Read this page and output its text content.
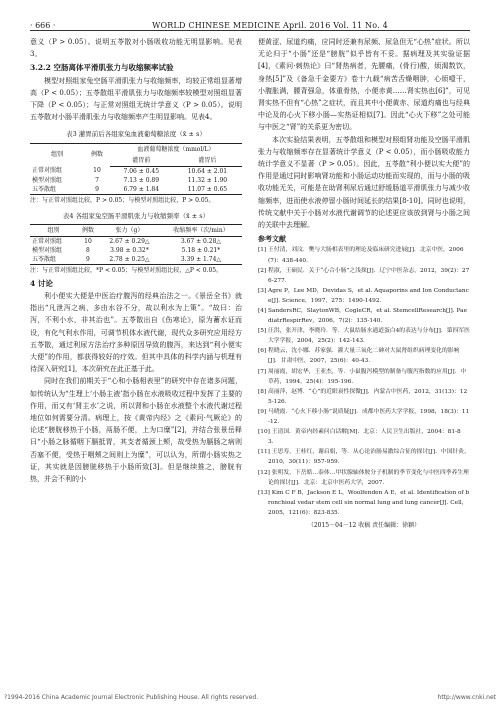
· 666 ·	WORLD CHINESE MEDICINE April. 2016 Vol. 11 No. 4

意义（P > 0.05）。说明五苓散对小肠吸收功能无明显影响。见表3。

3.2.2 空肠离体平滑肌张力与收缩频率试验

模型对照组家兔空肠平滑肌张力与收缩频率，均较正常组显著增高（P < 0.05）；五苓散组平滑肌张力与收缩频率较模型对照组显著下降（P < 0.05）；与正常对照组无统计学意义（P > 0.05）。说明五苓散对小肠平滑肌张力与收缩频率产生明显影响。见表4。

表3 灌胃前后各组家兔血液葡萄糖浓度（x̄ ± s）
组别	例数	血液葡萄糖浓度（mmol/L）	
		灌胃前	灌胃后
正常对照组	10	7.06 ± 0.45	10.64 ± 2.01
模型对照组	7	7.13 ± 0.89	11.32 ± 1.90
五苓散组	9	6.79 ± 1.84	11.07 ± 0.65
注：与正常对照组比较，P > 0.05；与模型对照组比较，P > 0.05。
表4 各组家兔空肠平滑肌张力与收缩频率（x̄ ± s）
组别	例数	张力（g）	收缩频率（次/min）
正常对照组	10	2.67 ± 0.29△	3.67 ± 0.28△
模型对照组	8	3.98 ± 0.32*	5.18 ± 0.21*
五苓散组	9	2.78 ± 0.25△	3.39 ± 1.74△
注：与正常对照组比较，*P < 0.05；与模型对照组比较，△P < 0.05。

4 讨论

利小便实大便是中医治疗腹泻的经典治法之一。《景岳全书》就指出“凡泄泻之病，多由水谷不分，故以利水为上策”。“故曰：治泻，不利小水，非其治也”。五苓散出自《伤寒论》，原为蓄水证而设，有化气利水作用，可调节机体水液代谢，现代众多研究应用经方五苓散，通过利尿方法治疗多种原因导致的腹泻，来达到“利小便实大便”的作用，都获得较好的疗效。但其中具体的科学内涵与机理有待深入研究[1]，本次研究在此正基于此。

同时在我们前期关于“心和小肠相表里”的研究中存在诸多问题，如传统认为“生理上‘小肠主液’指小肠在水液吸收过程中发挥了主要的作用，而又有‘肾主水’之说，所以肾和小肠在水液整个水液代谢过程地位如何需要分清。病理上，按《黄帝内经》之《素问·气厥论》的论述“膀胱移热于小肠，鬲肠不便，上为口糜”[2]，并结合张景岳释曰“小肠之脉循咽下膈抵胃，其支者循颈上颊，故受热为膈肠之病则否塞不便，受热于咽颊之间则上为糜”，可以认为，所谓小肠实热之证，其实就是因膀胱移热于小肠所致[3]。但是继续推之，膀胱有热，并会不利的小

便黄涩、尿道灼痛，应同时还兼有尿频、尿急但无“心热”症状。所以无论归于“小肠”还是“膀胱”似乎皆有不妥。据病理及其实验证据[4]，《素问·刺热论》曰“肾热病者，先腰痛，(骨行)酸，烦渴数饮，身热[5]”及《备急千金要方》卷十九载“病苦舌燥咽肿，心烦噎干，小腹胀满，腰背强急，体重骨热，小便赤黄……肾实热也[6]”，可见肾实热不但有“心热”之症状，而且其中小便黄赤、尿道灼痛也与经典中论及的心火下移小肠—实热证相似[7]。因此“心火下移”之处可能与中医之“肾”的关系更为密切。

本次实验结果表明，五苓散组和模型对照组肾功能及空肠平滑肌张力与收缩频率存在显著统计学意义（P < 0.05），而小肠吸收能力统计学意义不显著（P > 0.05）。因此，五苓散“利小便以实大便”的作用是通过同时影响肾功能和小肠运动功能而实现的，而与小肠的吸收功能无关，可能是在助肾利尿后通过舒缓肠道平滑肌张力与减少收缩频率，进而使水液停留小肠时间延长的结果[8-10]。同时也说明，传统文献中关于小肠对水液代谢调节的论述更应该放到肾与小肠之间的关联中去理解。

参考文献

[1] 王付清，刘汶．樊与大肠相表里的理论及临床研究进展[J]．北京中医，2006(7)：438-440．

[2] 程淑，王硕民．关于“心合小肠”之浅探[J]．辽宁中医杂志，2012，39(2)：276-277．

[3] Agre P，Lee MD，Devidas S，et al. Aquaporins and Ion Conductance[J]. Science，1997，275：1490-1492．

[4] SandersRC，SlaytonWB，CogleCR，et al. StemcellResearch[J]. PaediatrRespirRev，2006，7(2)：135-140．

[5] 汪洪，张开津，李晓玲．等．大鼠结肠水通道蛋白4的表达与分布[J]．第四军医大学学报，2004，25(2)：142-143．

[6] 程晓云，沈小娜．苏家强．灌大量三氧化二砷对大鼠肾组织病理变化的影响[J]．甘肃中医，2007，25(6)：40-43．

[7] 周丽霞，胡宏华，王亚杰，等．小鼠腹泻模型的制备与腹泻指数的应用[J]．中草药，1994，25(4)：195-196．

[8] 高丽萍，赵博．“心”的近眼衰性探微[J]．内蒙古中医药，2012，31(13)：125-126．

[9] 马晓霞．“心火下移小肠”说质疑[J]．成都中医药大学学报，1998，18(3)：11-12．

[10] 王清国．黄帝内经素问白话解[M]．北京：人民卫生出版社，2004：81-83．

[11] 王思寿，王桂红，谢启娟，等．从心论治肠易激综合征的探讨[J]．中国针灸，2010，30(11)：957-959．

[12] 张明发，下岳皓…泰体…甲状腺轴体胺分子机制的季节变化与中医四季养生理论的探讨[J]．北京：北京中医药大学，2007．

[13] Kim C F B，Jackson E L，Woolfenden A E，et al. Identification of bronchioal vedar stem cell sin normal lung and lung cancer[J]. Cell，2005，121(6)：823-835．

（2015－04－12 收稿 责任编辑：徐颖）
?1994-2016 China Academic Journal Electronic Publishing House. All rights reserved.	http://www.cnki.net
